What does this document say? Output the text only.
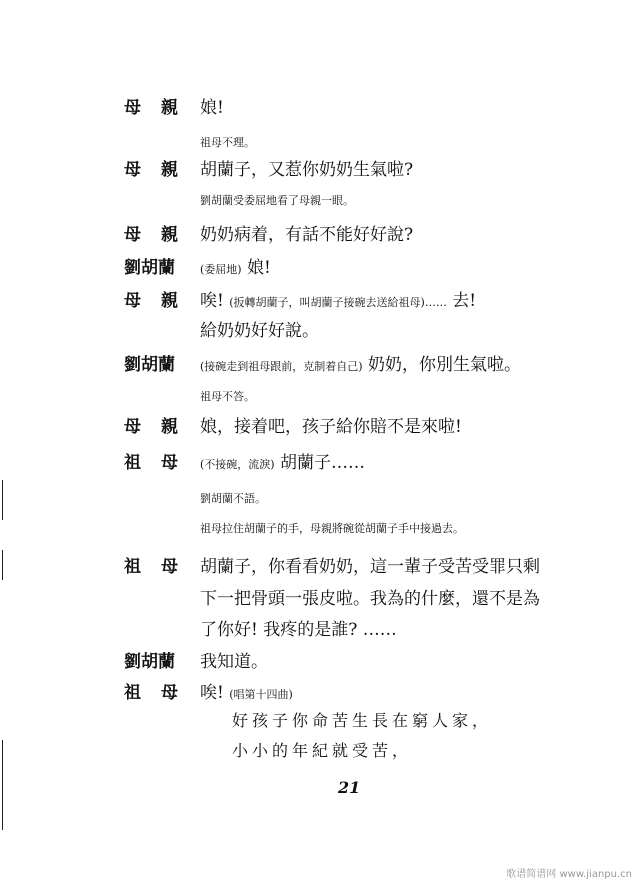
母親 娘!
祖母不理。
母親 胡蘭子，又惹你奶奶生氣啦?
劉胡蘭受委屈地看了母親一眼。
母親 奶奶病着，有話不能好好說?
劉胡蘭	(委屈地) 娘!
母親 唉! (扳轉胡蘭子，叫胡蘭子接碗去送給祖母)…… 去!
給奶奶好好說。
劉胡蘭	(接碗走到祖母跟前，克制着自己) 奶奶，你別生氣啦。
祖母不答。
母親 娘，接着吧，孩子給你賠不是來啦!
祖母 (不接碗，流淚) 胡蘭子……
劉胡蘭不語。
祖母拉住胡蘭子的手，母親將碗從胡蘭子手中接過去。
祖母 胡蘭子，你看看奶奶，這一輩子受苦受罪只剩
下一把骨頭一張皮啦。我為的什麼，還不是為
了你好! 我疼的是誰? ……
劉胡蘭	我知道。
祖母 唉! (唱第十四曲)
好孩子你命苦生長在窮人家，
小小的年紀就受苦，
21
歌谱简谱网 www.jianpu.cn
